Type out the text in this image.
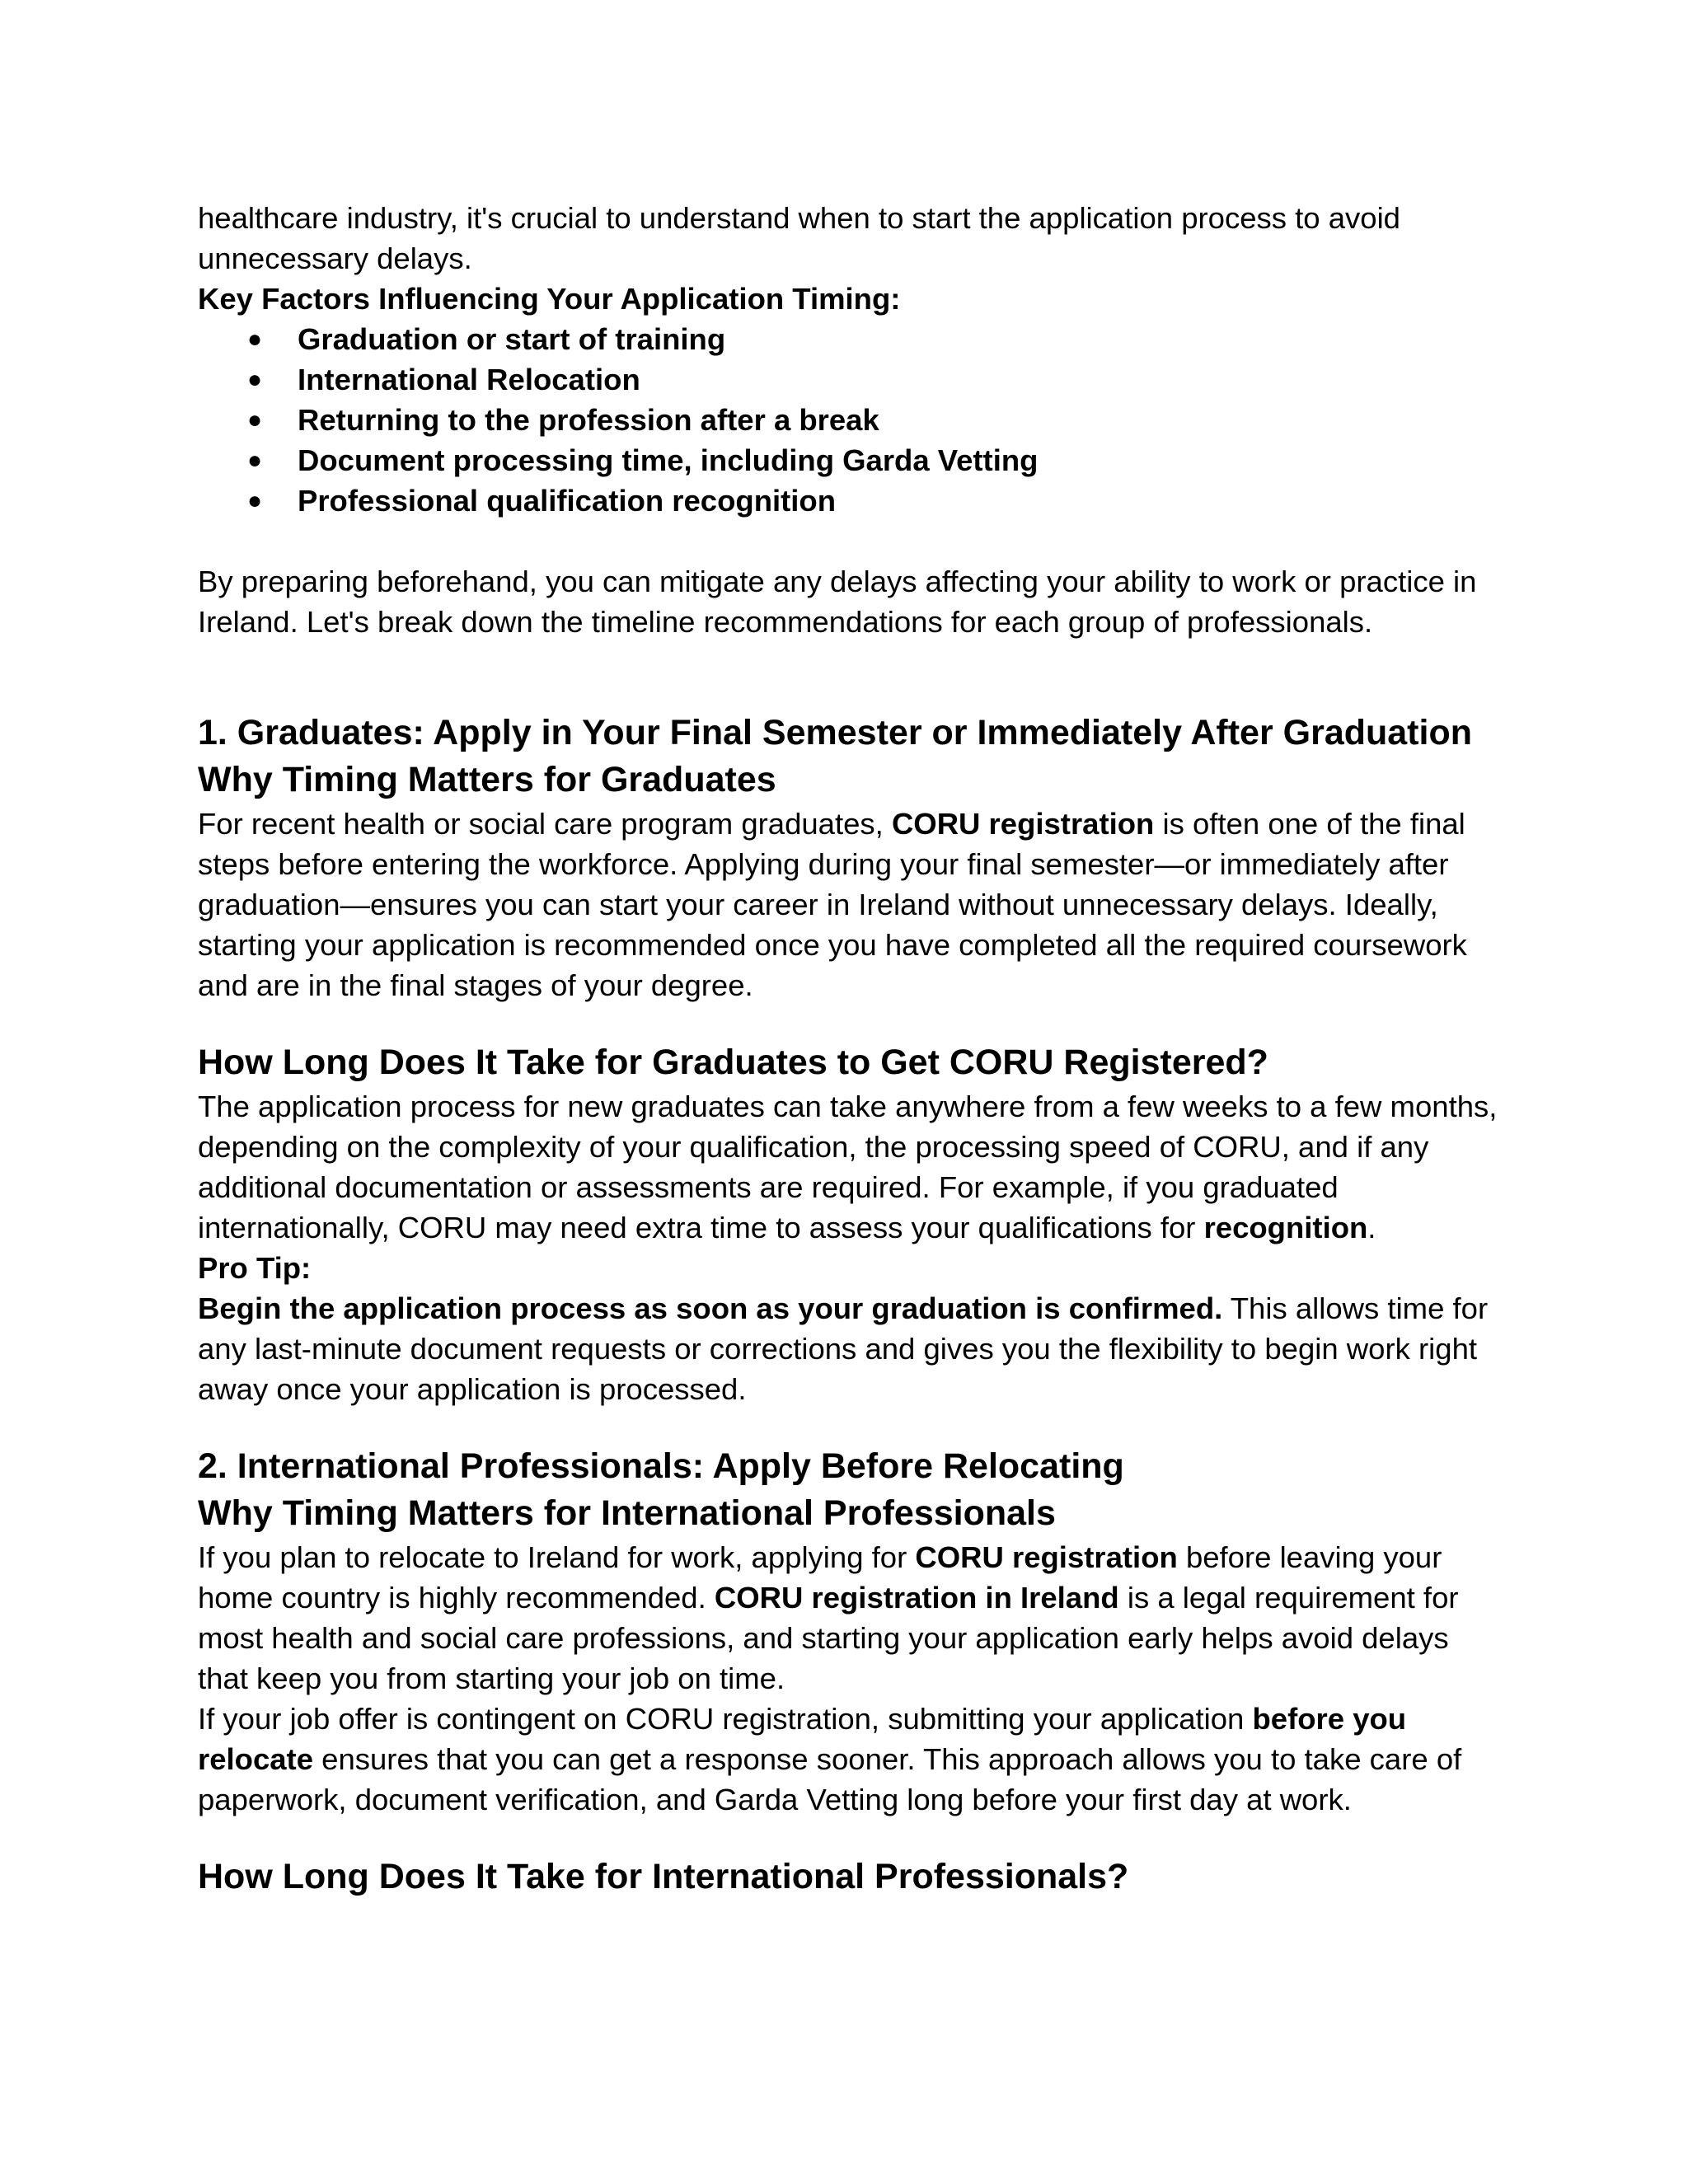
healthcare industry, it's crucial to understand when to start the application process to avoid unnecessary delays.

Key Factors Influencing Your Application Timing:

● Graduation or start of training
● International Relocation
● Returning to the profession after a break
● Document processing time, including Garda Vetting
● Professional qualification recognition

By preparing beforehand, you can mitigate any delays affecting your ability to work or practice in Ireland. Let's break down the timeline recommendations for each group of professionals.

1. Graduates: Apply in Your Final Semester or Immediately After Graduation
Why Timing Matters for Graduates

For recent health or social care program graduates, CORU registration is often one of the final steps before entering the workforce. Applying during your final semester—or immediately after graduation—ensures you can start your career in Ireland without unnecessary delays. Ideally, starting your application is recommended once you have completed all the required coursework and are in the final stages of your degree.

How Long Does It Take for Graduates to Get CORU Registered?

The application process for new graduates can take anywhere from a few weeks to a few months, depending on the complexity of your qualification, the processing speed of CORU, and if any additional documentation or assessments are required. For example, if you graduated internationally, CORU may need extra time to assess your qualifications for recognition.

Pro Tip:

Begin the application process as soon as your graduation is confirmed. This allows time for any last-minute document requests or corrections and gives you the flexibility to begin work right away once your application is processed.

2. International Professionals: Apply Before Relocating
Why Timing Matters for International Professionals

If you plan to relocate to Ireland for work, applying for CORU registration before leaving your home country is highly recommended. CORU registration in Ireland is a legal requirement for most health and social care professions, and starting your application early helps avoid delays that keep you from starting your job on time.

If your job offer is contingent on CORU registration, submitting your application before you relocate ensures that you can get a response sooner. This approach allows you to take care of paperwork, document verification, and Garda Vetting long before your first day at work.

How Long Does It Take for International Professionals?
